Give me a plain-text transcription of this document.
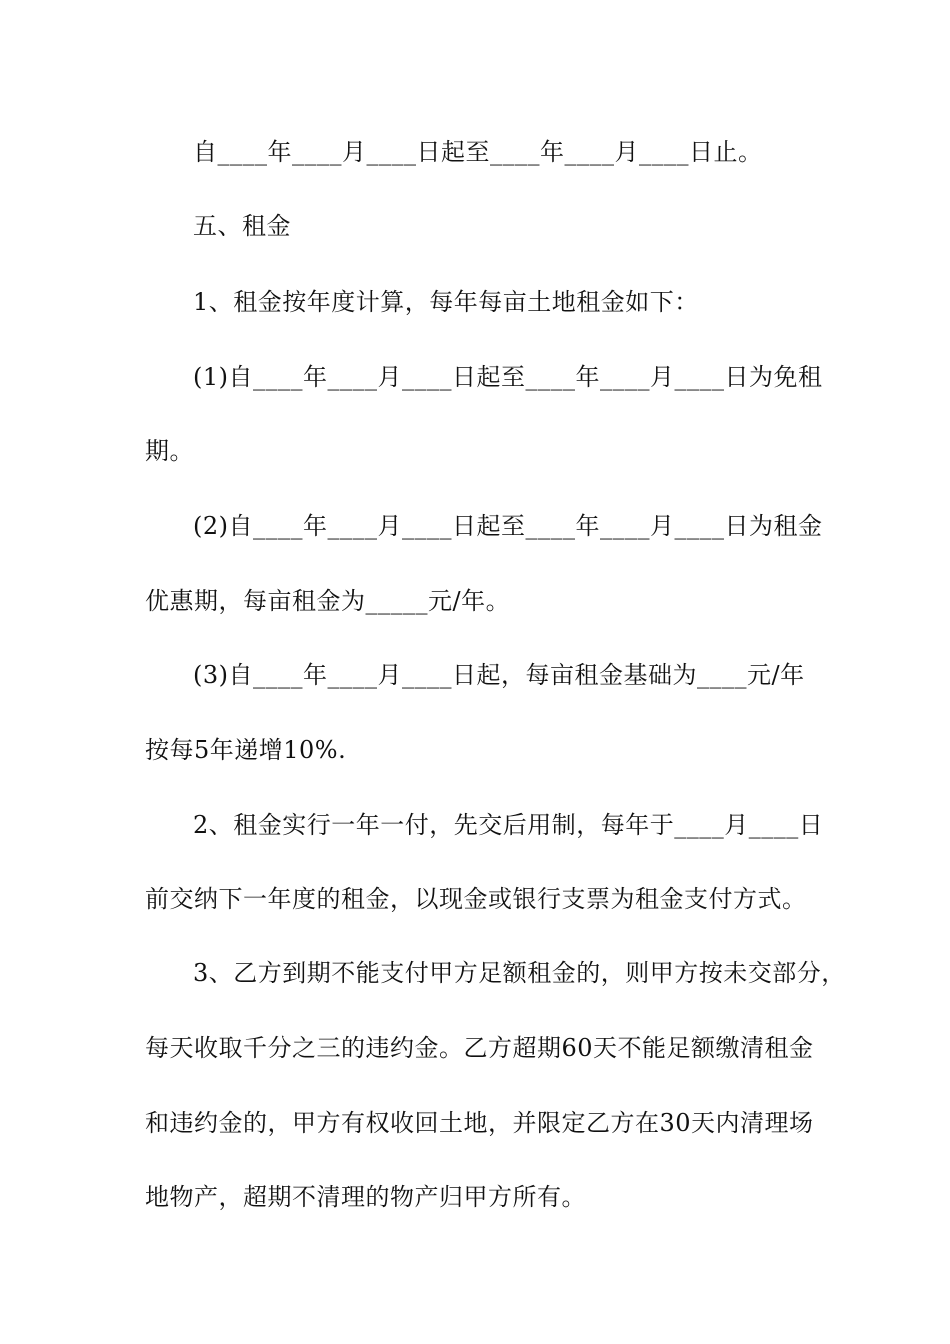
自____年____月____日起至____年____月____日止。
五、租金
1、租金按年度计算，每年每亩土地租金如下：
(1)自____年____月____日起至____年____月____日为免租
期。
(2)自____年____月____日起至____年____月____日为租金
优惠期，每亩租金为_____元/年。
(3)自____年____月____日起，每亩租金基础为____元/年
按每5年递增10%.
2、租金实行一年一付，先交后用制，每年于____月____日
前交纳下一年度的租金，以现金或银行支票为租金支付方式。
3、乙方到期不能支付甲方足额租金的，则甲方按未交部分，
每天收取千分之三的违约金。乙方超期60天不能足额缴清租金
和违约金的，甲方有权收回土地，并限定乙方在30天内清理场
地物产，超期不清理的物产归甲方所有。
